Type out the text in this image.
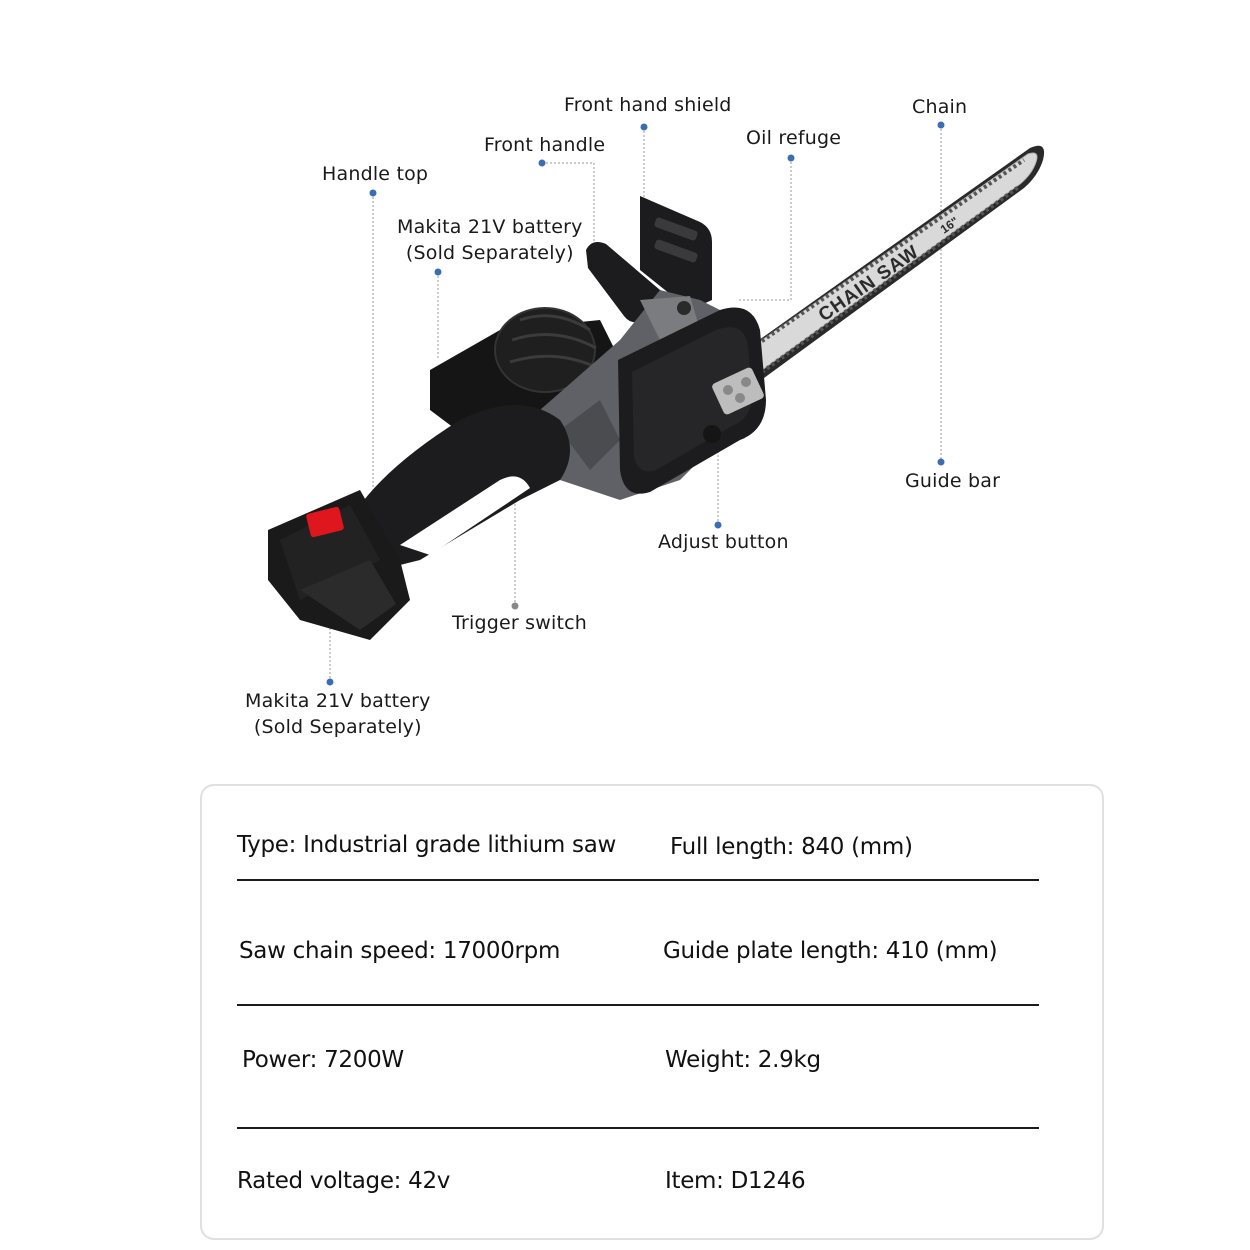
CHAIN SAW
16"
Front hand shield	Chain
Front handle	Oil refuge
Handle top
Makita 21V battery
(Sold Separately)
Guide bar
Adjust button
Trigger switch
Makita 21V battery
(Sold Separately)
Type: Industrial grade lithium saw Full length: 840 (mm)
Saw chain speed: 17000rpm	Guide plate length: 410 (mm)
Power: 7200W	Weight: 2.9kg
Rated voltage: 42v	Item: D1246
